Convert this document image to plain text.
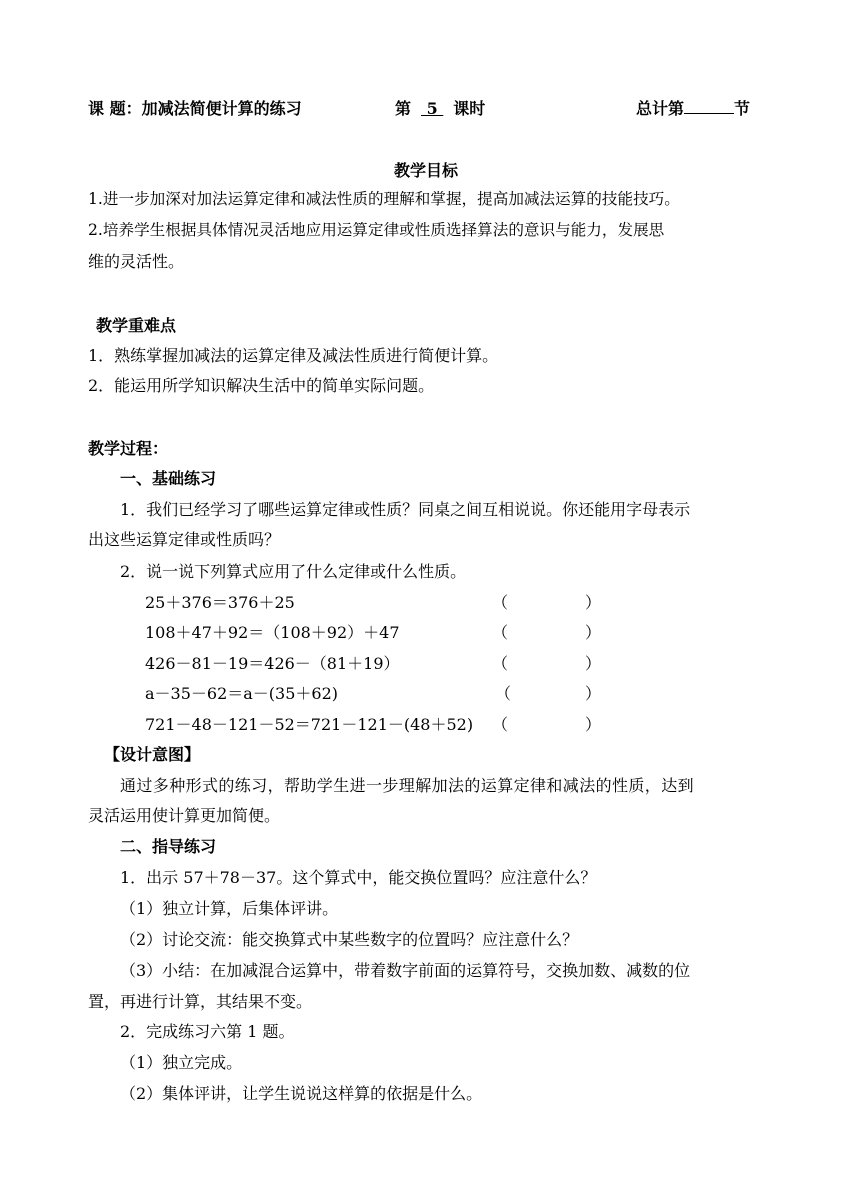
课 题：加减法简便计算的练习	第 5 课时	总计第	节
教学目标
1.进一步加深对加法运算定律和减法性质的理解和掌握，提高加减法运算的技能技巧。
2.培养学生根据具体情况灵活地应用运算定律或性质选择算法的意识与能力，发展思
维的灵活性。
教学重难点
1．熟练掌握加减法的运算定律及减法性质进行简便计算。
2．能运用所学知识解决生活中的简单实际问题。
教学过程：
一、基础练习
1．我们已经学习了哪些运算定律或性质？同桌之间互相说说。你还能用字母表示
出这些运算定律或性质吗？
2．说一说下列算式应用了什么定律或什么性质。
25＋376＝376＋25	（	）
108＋47＋92＝（108＋92）＋47	（	）
426－81－19＝426－（81＋19）	（	）
a－35－62＝a－(35＋62)	（	）
721－48－121－52＝721－121－(48＋52) （	）
【设计意图】
通过多种形式的练习，帮助学生进一步理解加法的运算定律和减法的性质，达到
灵活运用使计算更加简便。
二、指导练习
1．出示 57＋78－37。这个算式中，能交换位置吗？应注意什么？
（1）独立计算，后集体评讲。
（2）讨论交流：能交换算式中某些数字的位置吗？应注意什么？
（3）小结：在加减混合运算中，带着数字前面的运算符号，交换加数、减数的位
置，再进行计算，其结果不变。
2．完成练习六第 1 题。
（1）独立完成。
（2）集体评讲，让学生说说这样算的依据是什么。
